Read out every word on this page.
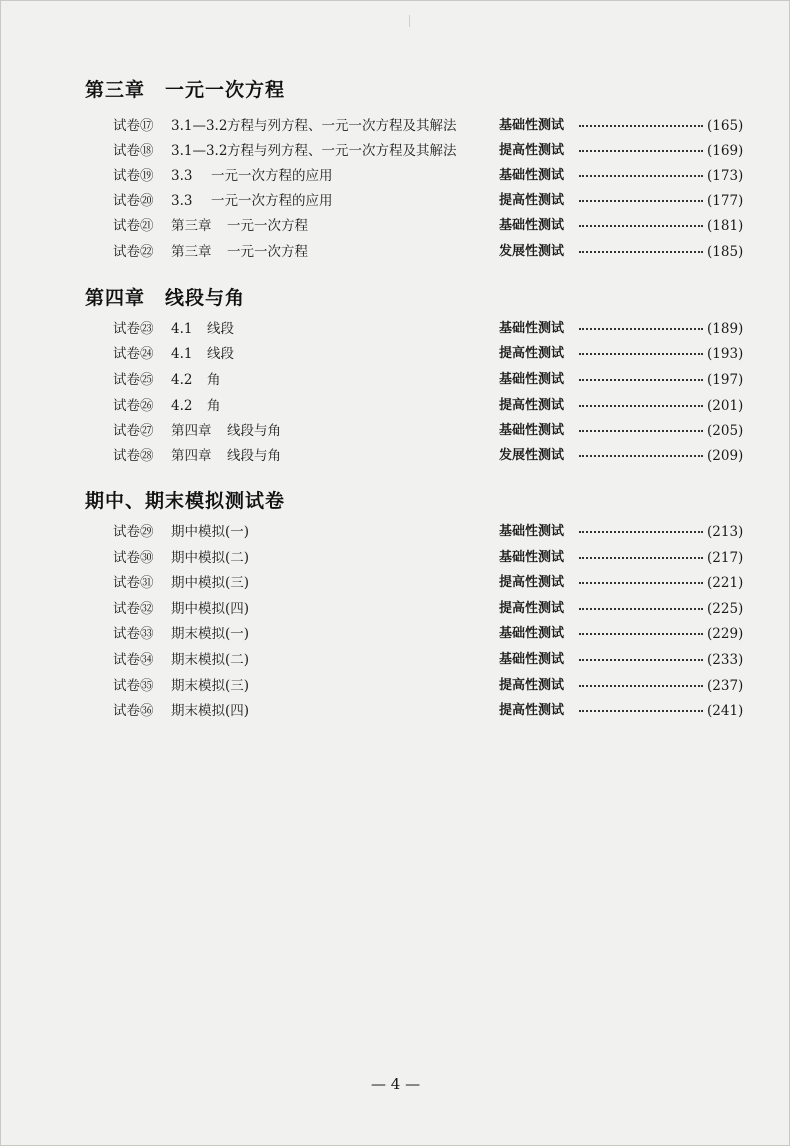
第三章　一元一次方程
试卷⑰ 3.1—3.2 方程与列方程、一元一次方程及其解法	基础性测试	(165)
试卷⑱ 3.1—3.2 方程与列方程、一元一次方程及其解法	提高性测试	(169)
试卷⑲ 3.3 一元一次方程的应用	基础性测试	(173)
试卷⑳ 3.3 一元一次方程的应用	提高性测试	(177)
试卷㉑ 第三章 一元一次方程	基础性测试	(181)
试卷㉒ 第三章 一元一次方程	发展性测试	(185)
第四章　线段与角
试卷㉓ 4.1 线段	基础性测试	(189)
试卷㉔ 4.1 线段	提高性测试	(193)
试卷㉕ 4.2 角	基础性测试	(197)
试卷㉖ 4.2 角	提高性测试	(201)
试卷㉗ 第四章 线段与角	基础性测试	(205)
试卷㉘ 第四章 线段与角	发展性测试	(209)
期中、期末模拟测试卷
试卷㉙ 期中模拟(一)	基础性测试	(213)
试卷㉚ 期中模拟(二)	基础性测试	(217)
试卷㉛ 期中模拟(三)	提高性测试	(221)
试卷㉜ 期中模拟(四)	提高性测试	(225)
试卷㉝ 期末模拟(一)	基础性测试	(229)
试卷㉞ 期末模拟(二)	基础性测试	(233)
试卷㉟ 期末模拟(三)	提高性测试	(237)
试卷㊱ 期末模拟(四)	提高性测试	(241)
— 4 —
